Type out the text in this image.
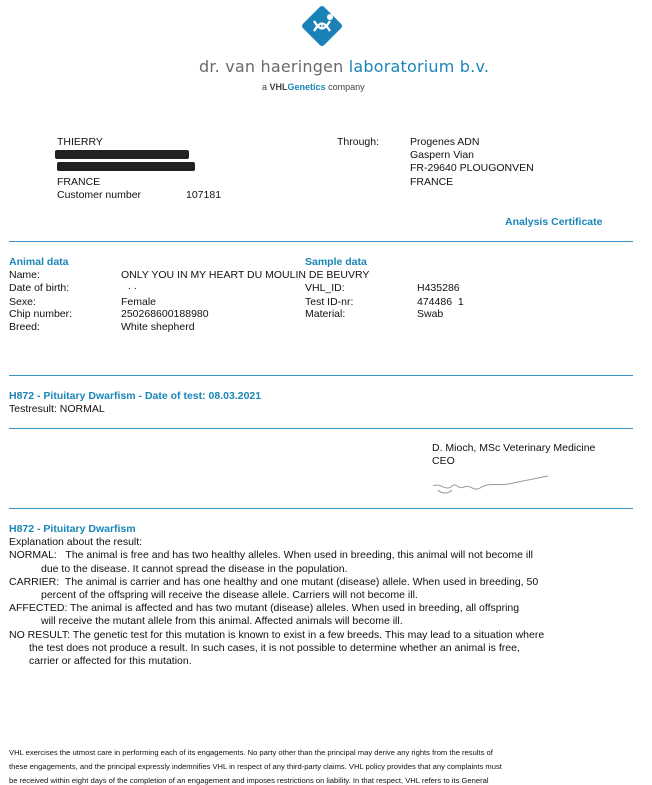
dr. van haeringen laboratorium b.v.
a VHLGenetics company
THIERRY
FRANCE
Customer number	107181
Through:	Progenes ADN
Gaspern Vian
FR-29640 PLOUGONVEN
FRANCE
Analysis Certificate
Animal data	Sample data
Name:	ONLY YOU IN MY HEART DU MOULIN DE BEUVRY
Date of birth:	. .	VHL_ID:	H435286
Sexe:	Female	Test ID-nr:	474486  1
Chip number:	250268600188980	Material:	Swab
Breed:	White shepherd
H872 - Pituitary Dwarfism - Date of test: 08.03.2021
Testresult: NORMAL
D. Mioch, MSc Veterinary Medicine
CEO
H872 - Pituitary Dwarfism
Explanation about the result:
NORMAL:   The animal is free and has two healthy alleles. When used in breeding, this animal will not become ill
due to the disease. It cannot spread the disease in the population.
CARRIER:  The animal is carrier and has one healthy and one mutant (disease) allele. When used in breeding, 50
percent of the offspring will receive the disease allele. Carriers will not become ill.
AFFECTED: The animal is affected and has two mutant (disease) alleles. When used in breeding, all offspring
will receive the mutant allele from this animal. Affected animals will become ill.
NO RESULT: The genetic test for this mutation is known to exist in a few breeds. This may lead to a situation where
the test does not produce a result. In such cases, it is not possible to determine whether an animal is free,
carrier or affected for this mutation.
VHL exercises the utmost care in performing each of its engagements. No party other than the principal may derive any rights from the results of
these engagements, and the principal expressly indemnifies VHL in respect of any third-party claims. VHL policy provides that any complaints must
be received within eight days of the completion of an engagement and imposes restrictions on liability. In that respect, VHL refers to its General
